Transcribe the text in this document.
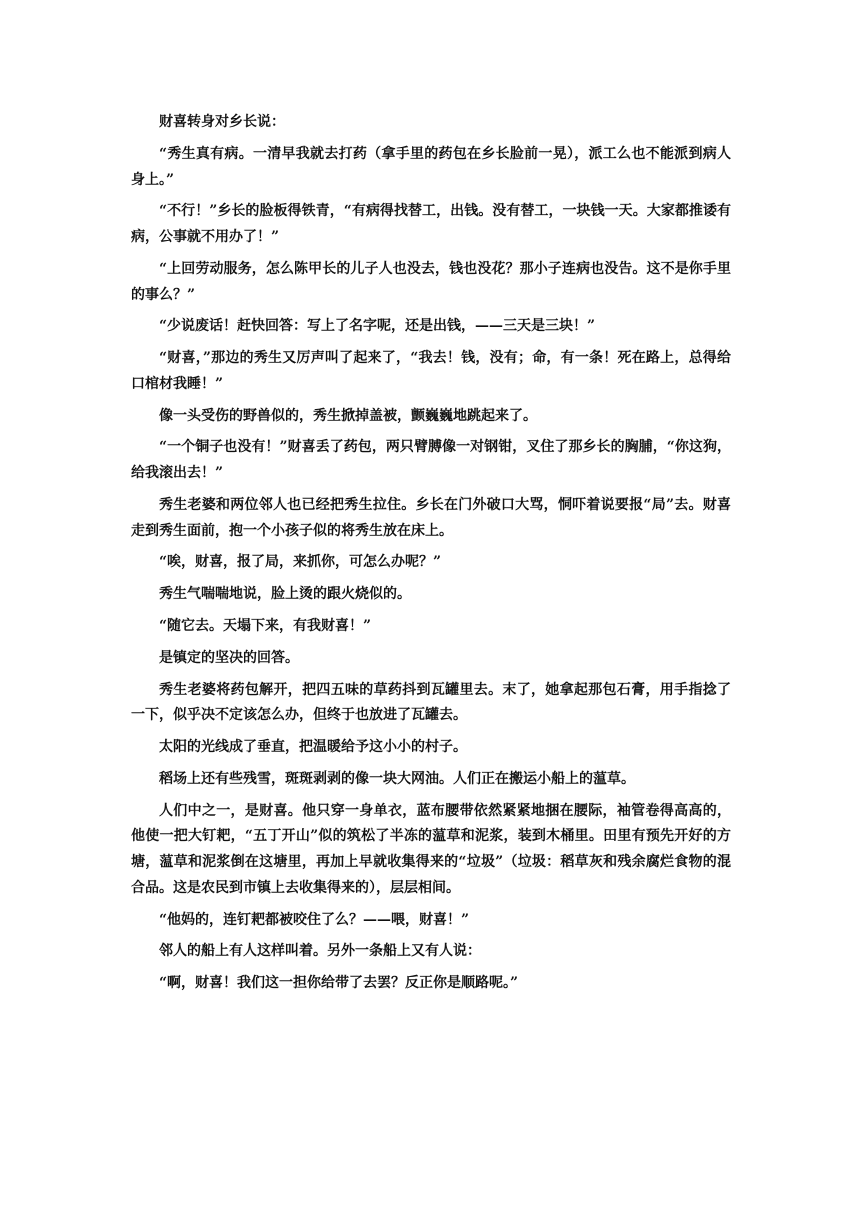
财喜转身对乡长说：

“秀生真有病。一清早我就去打药（拿手里的药包在乡长脸前一晃），派工么也不能派到病人身上。”

“不行！”乡长的脸板得铁青，“有病得找替工，出钱。没有替工，一块钱一天。大家都推诿有病，公事就不用办了！”

“上回劳动服务，怎么陈甲长的儿子人也没去，钱也没花？那小子连病也没告。这不是你手里的事么？”

“少说废话！赶快回答：写上了名字呢，还是出钱，——三天是三块！”

“财喜，”那边的秀生又厉声叫了起来了，“我去！钱，没有；命，有一条！死在路上，总得给口棺材我睡！”

像一头受伤的野兽似的，秀生掀掉盖被，颤巍巍地跳起来了。

“一个铜子也没有！”财喜丢了药包，两只臂膊像一对钢钳，叉住了那乡长的胸脯，“你这狗，给我滚出去！”

秀生老婆和两位邻人也已经把秀生拉住。乡长在门外破口大骂，恫吓着说要报“局”去。财喜走到秀生面前，抱一个小孩子似的将秀生放在床上。

“唉，财喜，报了局，来抓你，可怎么办呢？”

秀生气喘喘地说，脸上烫的跟火烧似的。

“随它去。天塌下来，有我财喜！”

是镇定的坚决的回答。

秀生老婆将药包解开，把四五味的草药抖到瓦罐里去。末了，她拿起那包石膏，用手指捻了一下，似乎决不定该怎么办，但终于也放进了瓦罐去。

太阳的光线成了垂直，把温暖给予这小小的村子。

稻场上还有些残雪，斑斑剥剥的像一块大网油。人们正在搬运小船上的蕰草。

人们中之一，是财喜。他只穿一身单衣，蓝布腰带依然紧紧地捆在腰际，袖管卷得高高的，他使一把大钉耙，“五丁开山”似的筑松了半冻的蕰草和泥浆，装到木桶里。田里有预先开好的方塘，蕰草和泥浆倒在这塘里，再加上早就收集得来的“垃圾”（垃圾：稻草灰和残余腐烂食物的混合品。这是农民到市镇上去收集得来的），层层相间。

“他妈的，连钉耙都被咬住了么？——喂，财喜！”

邻人的船上有人这样叫着。另外一条船上又有人说：

“啊，财喜！我们这一担你给带了去罢？反正你是顺路呢。”
